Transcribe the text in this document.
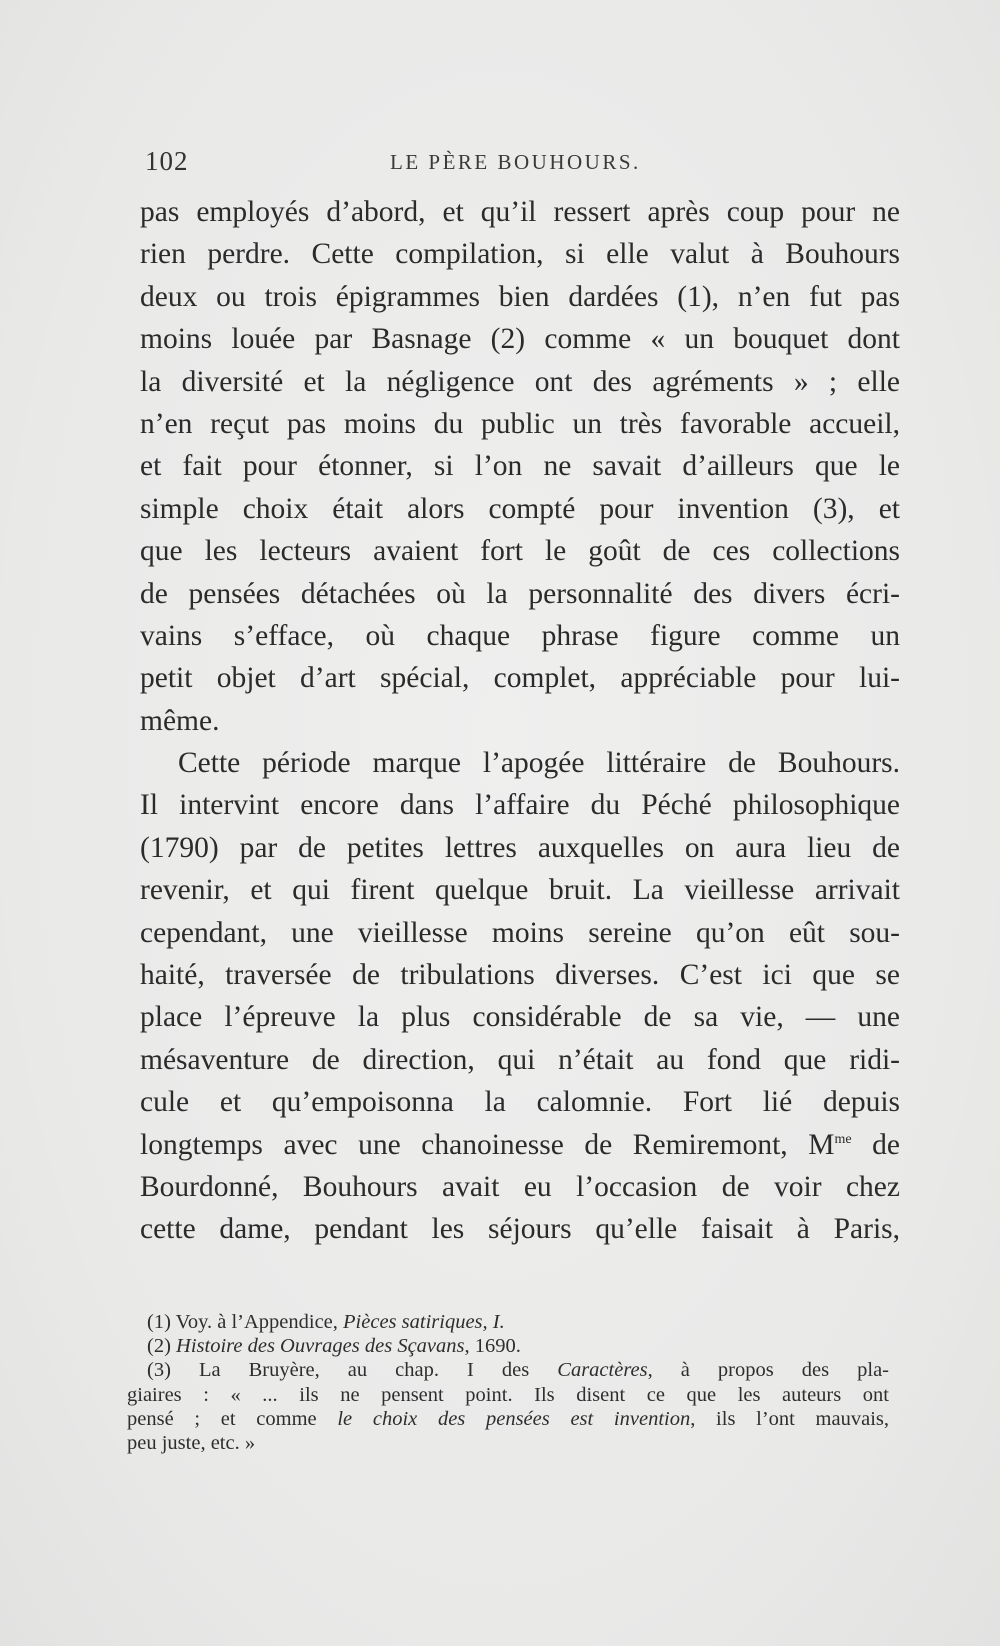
102	LE PÈRE BOUHOURS.
pas employés d’abord, et qu’il ressert après coup pour ne
rien perdre. Cette compilation, si elle valut à Bouhours
deux ou trois épigrammes bien dardées (1), n’en fut pas
moins louée par Basnage (2) comme « un bouquet dont
la diversité et la négligence ont des agréments » ; elle
n’en reçut pas moins du public un très favorable accueil,
et fait pour étonner, si l’on ne savait d’ailleurs que le
simple choix était alors compté pour invention (3), et
que les lecteurs avaient fort le goût de ces collections
de pensées détachées où la personnalité des divers écri-
vains s’efface, où chaque phrase figure comme un
petit objet d’art spécial, complet, appréciable pour lui-
même.
Cette période marque l’apogée littéraire de Bouhours.
Il intervint encore dans l’affaire du Péché philosophique
(1790) par de petites lettres auxquelles on aura lieu de
revenir, et qui firent quelque bruit. La vieillesse arrivait
cependant, une vieillesse moins sereine qu’on eût sou-
haité, traversée de tribulations diverses. C’est ici que se
place l’épreuve la plus considérable de sa vie, — une
mésaventure de direction, qui n’était au fond que ridi-
cule et qu’empoisonna la calomnie. Fort lié depuis
longtemps avec une chanoinesse de Remiremont, $M^{me}$ de
Bourdonné, Bouhours avait eu l’occasion de voir chez
cette dame, pendant les séjours qu’elle faisait à Paris,
(1) Voy. à l’Appendice, Pièces satiriques, I.
(2) Histoire des Ouvrages des Sçavans, 1690.
(3) La Bruyère, au chap. I des Caractères, à propos des pla-
giaires : « ... ils ne pensent point. Ils disent ce que les auteurs ont
pensé ; et comme le choix des pensées est invention, ils l’ont mauvais,
peu juste, etc. »
